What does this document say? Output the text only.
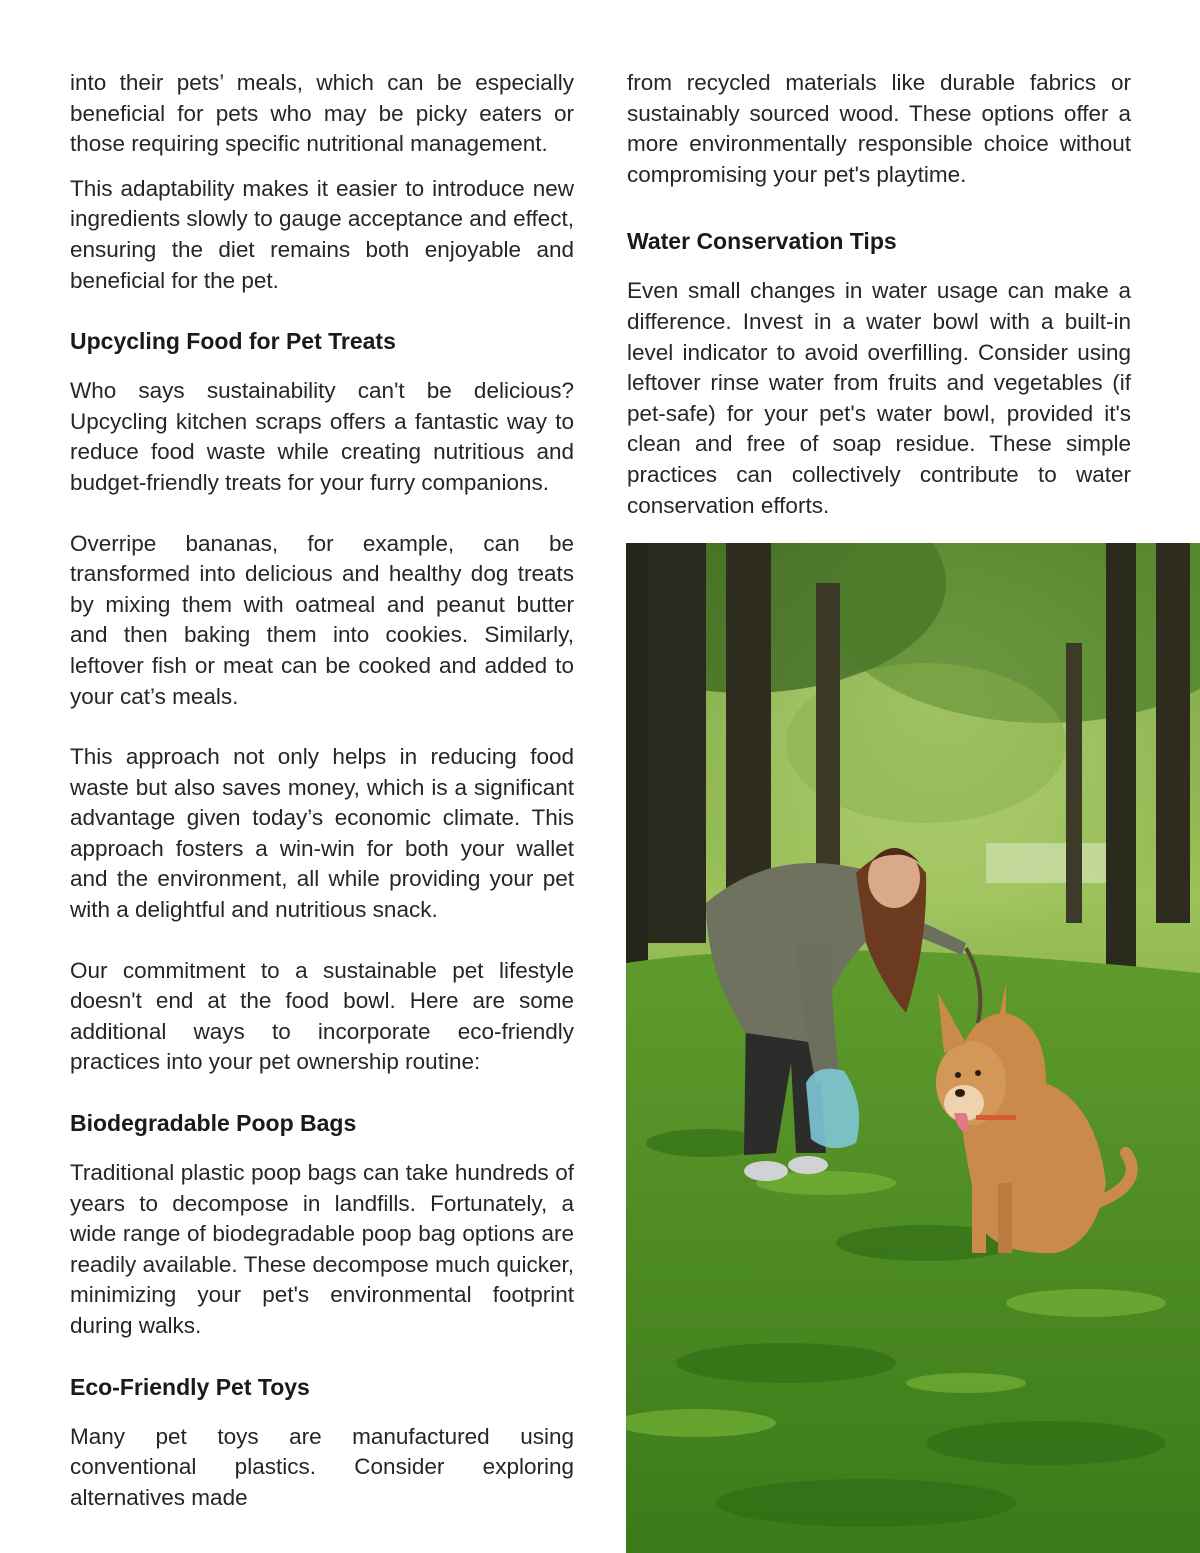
into their pets’ meals, which can be especially beneficial for pets who may be picky eaters or those requiring specific nutritional management.

This adaptability makes it easier to introduce new ingredients slowly to gauge acceptance and effect, ensuring the diet remains both enjoyable and beneficial for the pet.

Upcycling Food for Pet Treats

Who says sustainability can't be delicious? Upcycling kitchen scraps offers a fantastic way to reduce food waste while creating nutritious and budget-friendly treats for your furry companions.

Overripe bananas, for example, can be transformed into delicious and healthy dog treats by mixing them with oatmeal and peanut butter and then baking them into cookies. Similarly, leftover fish or meat can be cooked and added to your cat’s meals.

This approach not only helps in reducing food waste but also saves money, which is a significant advantage given today’s economic climate. This approach fosters a win-win for both your wallet and the environment, all while providing your pet with a delightful and nutritious snack.

Our commitment to a sustainable pet lifestyle doesn't end at the food bowl. Here are some additional ways to incorporate eco-friendly practices into your pet ownership routine:

Biodegradable Poop Bags

Traditional plastic poop bags can take hundreds of years to decompose in landfills. Fortunately, a wide range of biodegradable poop bag options are readily available. These decompose much quicker, minimizing your pet's environmental footprint during walks.

Eco-Friendly Pet Toys

Many pet toys are manufactured using conventional plastics. Consider exploring alternatives made

from recycled materials like durable fabrics or sustainably sourced wood. These options offer a more environmentally responsible choice without compromising your pet's playtime.

Water Conservation Tips

Even small changes in water usage can make a difference. Invest in a water bowl with a built-in level indicator to avoid overfilling. Consider using leftover rinse water from fruits and vegetables (if pet-safe) for your pet's water bowl, provided it's clean and free of soap residue. These simple practices can collectively contribute to water conservation efforts.
